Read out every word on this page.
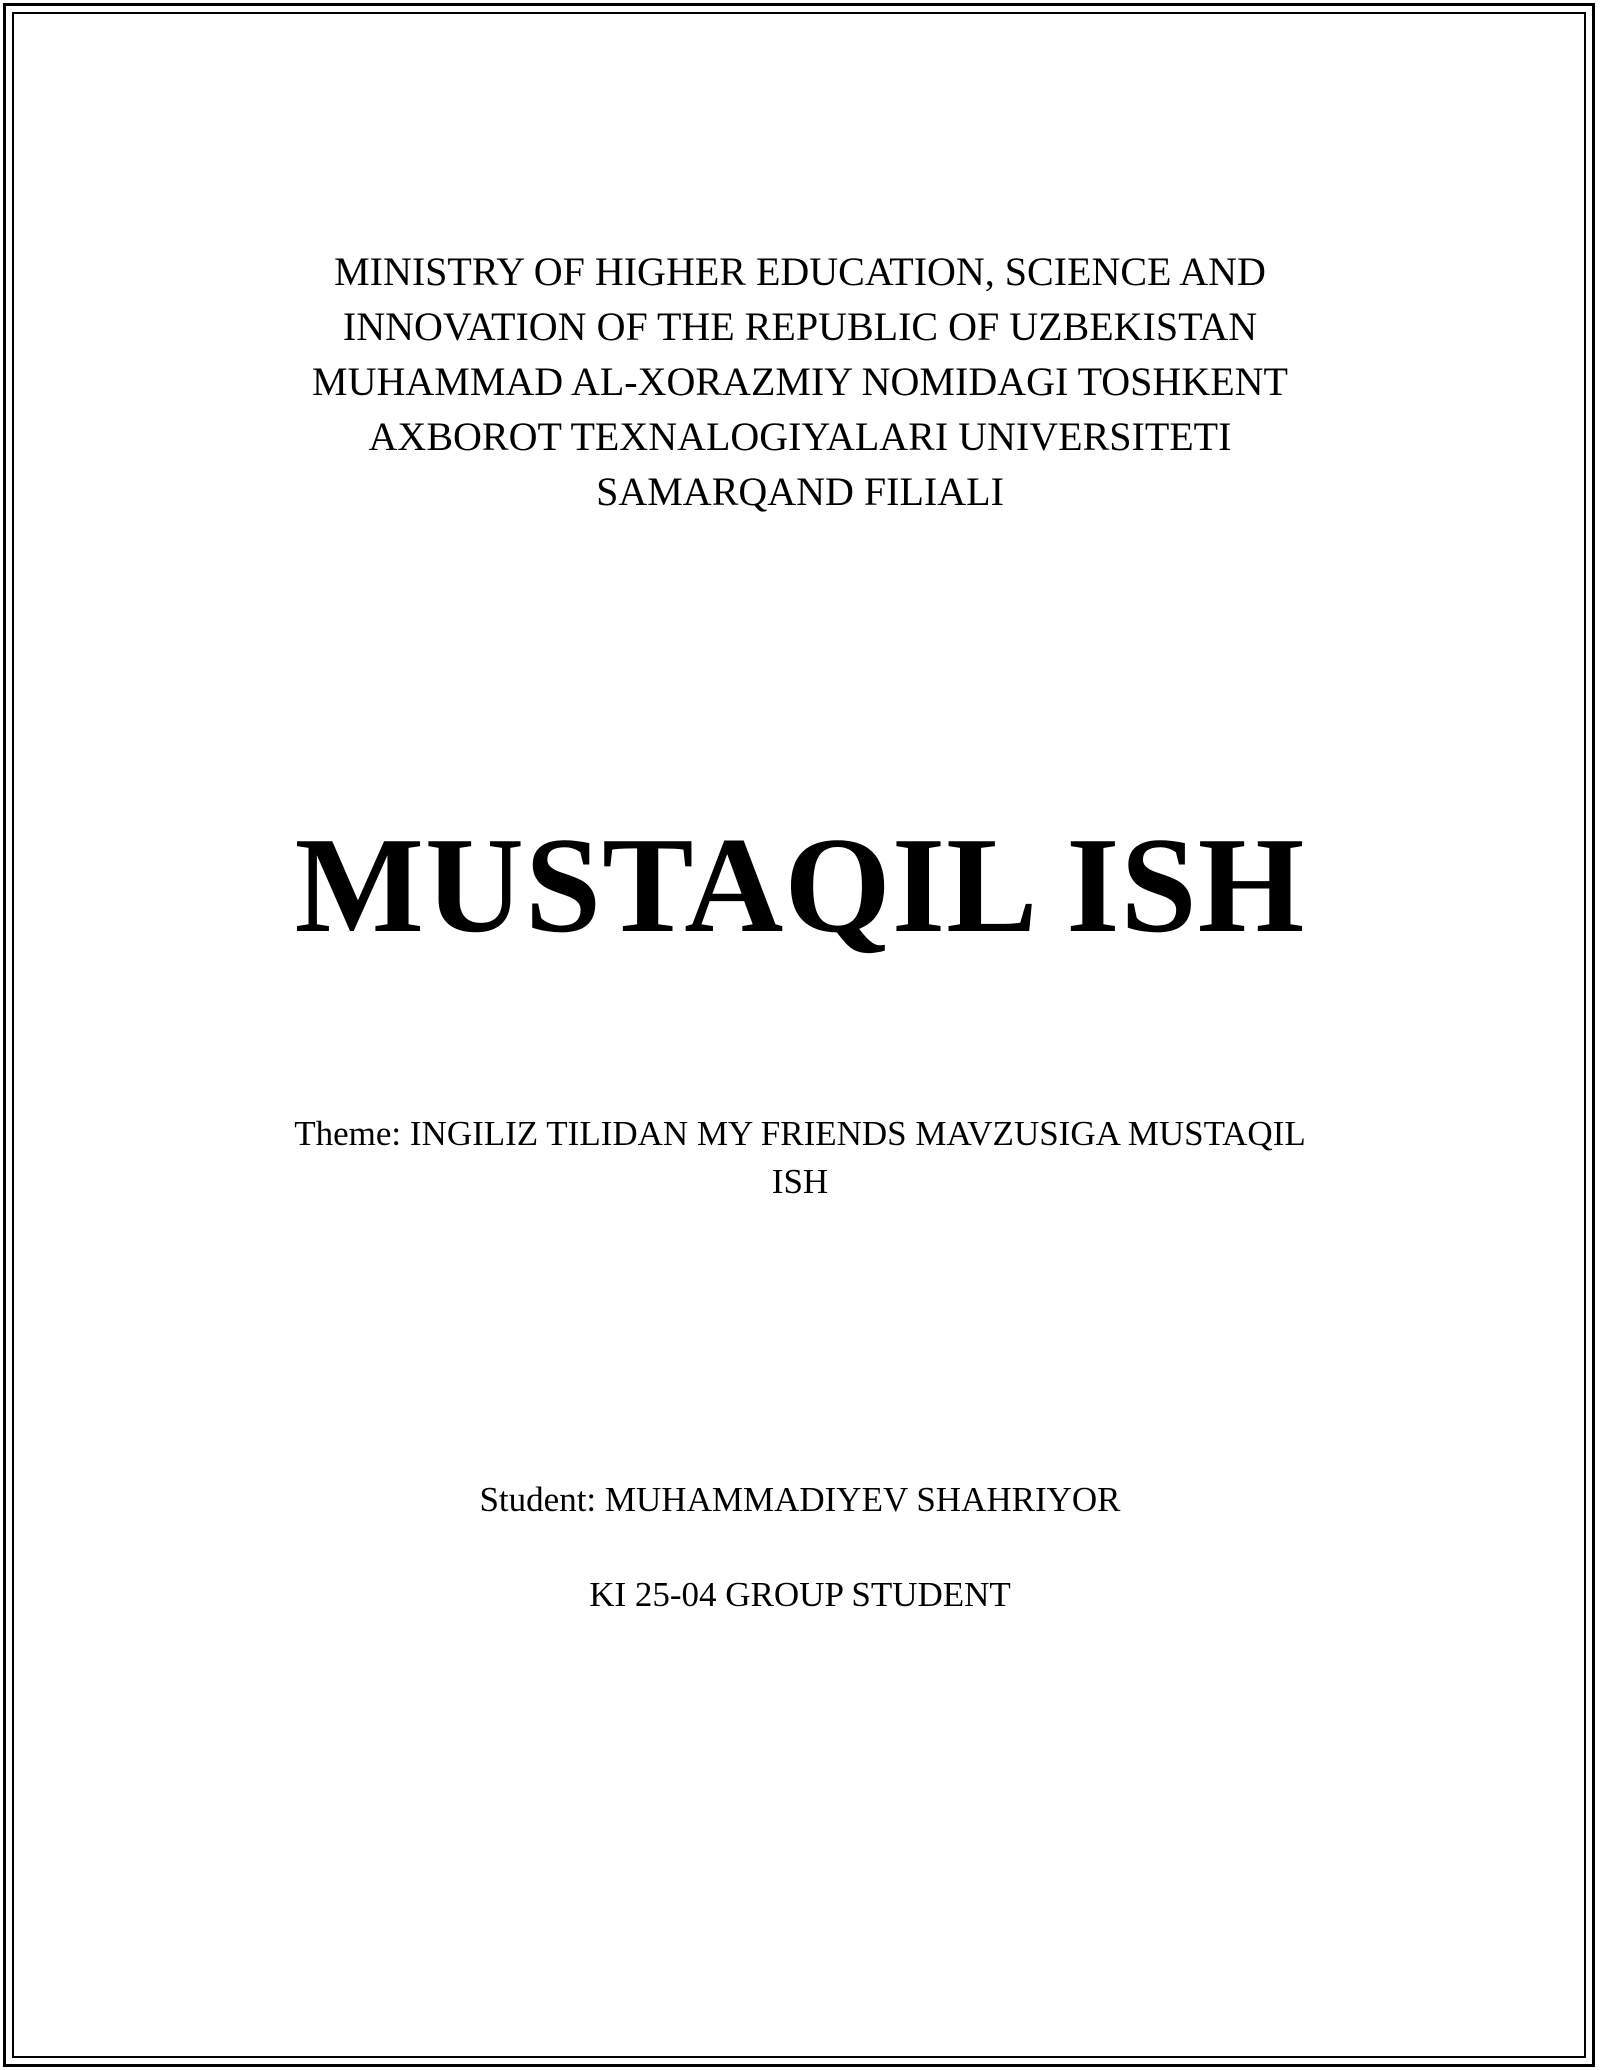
MINISTRY OF HIGHER EDUCATION, SCIENCE AND
INNOVATION OF THE REPUBLIC OF UZBEKISTAN
MUHAMMAD AL-XORAZMIY NOMIDAGI TOSHKENT
AXBOROT TEXNALOGIYALARI UNIVERSITETI
SAMARQAND FILIALI
MUSTAQIL ISH
Theme: INGILIZ TILIDAN MY FRIENDS MAVZUSIGA MUSTAQIL
ISH
Student: MUHAMMADIYEV SHAHRIYOR
KI 25-04 GROUP STUDENT
